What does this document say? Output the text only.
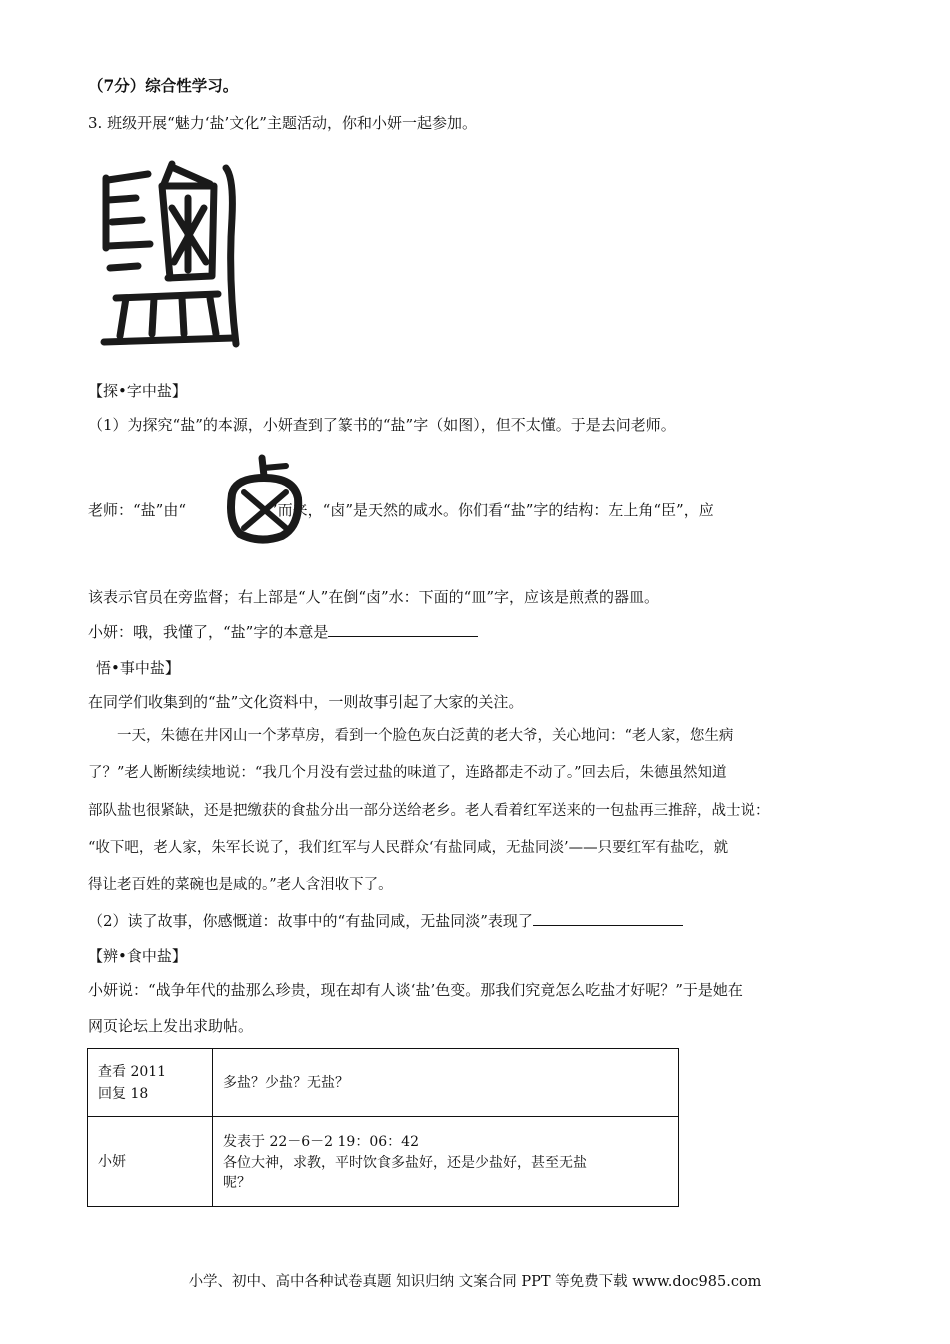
（7分）综合性学习。
3. 班级开展“魅力‘盐’文化”主题活动，你和小妍一起参加。
【探•字中盐】
（1）为探究“盐”的本源，小妍查到了篆书的“盐”字（如图），但不太懂。于是去问老师。
老师：“盐”由“	”而来，“卤”是天然的咸水。你们看“盐”字的结构：左上角“臣”，应
该表示官员在旁监督；右上部是“人”在倒“卤”水：下面的“皿”字，应该是煎煮的器皿。
小妍：哦，我懂了，“盐”字的本意是
悟•事中盐】
在同学们收集到的“盐”文化资料中，一则故事引起了大家的关注。
　　一天，朱德在井冈山一个茅草房，看到一个脸色灰白泛黄的老大爷，关心地问：“老人家，您生病
了？”老人断断续续地说：“我几个月没有尝过盐的味道了，连路都走不动了。”回去后，朱德虽然知道
部队盐也很紧缺，还是把缴获的食盐分出一部分送给老乡。老人看着红军送来的一包盐再三推辞，战士说：
“收下吧，老人家，朱军长说了，我们红军与人民群众‘有盐同咸，无盐同淡’——只要红军有盐吃，就
得让老百姓的菜碗也是咸的。”老人含泪收下了。
（2）读了故事，你感慨道：故事中的“有盐同咸，无盐同淡”表现了
【辨•食中盐】
小妍说：“战争年代的盐那么珍贵，现在却有人谈‘盐’色变。那我们究竟怎么吃盐才好呢？”于是她在
网页论坛上发出求助帖。
查看 2011
回复 18	多盐？少盐？无盐？
小妍	发表于 22－6－2 19：06：42
各位大神，求教，平时饮食多盐好，还是少盐好，甚至无盐
呢？
小学、初中、高中各种试卷真题 知识归纳 文案合同 PPT 等免费下载 www.doc985.com
